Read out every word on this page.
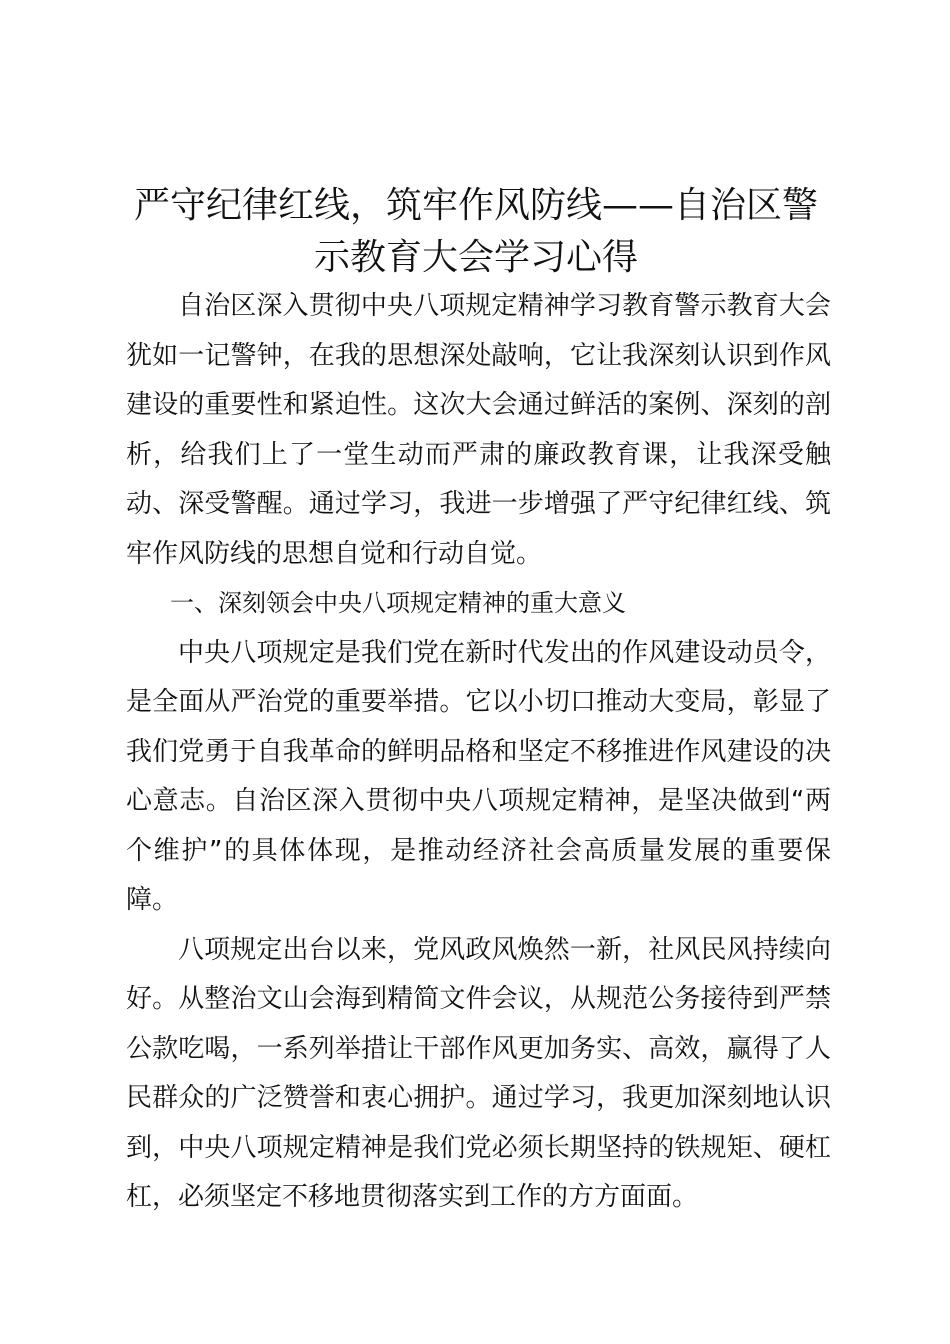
严守纪律红线，筑牢作风防线——自治区警
示教育大会学习心得

自治区深入贯彻中央八项规定精神学习教育警示教育大会犹如一记警钟，在我的思想深处敲响，它让我深刻认识到作风建设的重要性和紧迫性。这次大会通过鲜活的案例、深刻的剖析，给我们上了一堂生动而严肃的廉政教育课，让我深受触动、深受警醒。通过学习，我进一步增强了严守纪律红线、筑牢作风防线的思想自觉和行动自觉。

一、深刻领会中央八项规定精神的重大意义

中央八项规定是我们党在新时代发出的作风建设动员令，是全面从严治党的重要举措。它以小切口推动大变局，彰显了我们党勇于自我革命的鲜明品格和坚定不移推进作风建设的决心意志。自治区深入贯彻中央八项规定精神，是坚决做到“两个维护”的具体体现，是推动经济社会高质量发展的重要保障。

八项规定出台以来，党风政风焕然一新，社风民风持续向好。从整治文山会海到精简文件会议，从规范公务接待到严禁公款吃喝，一系列举措让干部作风更加务实、高效，赢得了人民群众的广泛赞誉和衷心拥护。通过学习，我更加深刻地认识到，中央八项规定精神是我们党必须长期坚持的铁规矩、硬杠杠，必须坚定不移地贯彻落实到工作的方方面面。
